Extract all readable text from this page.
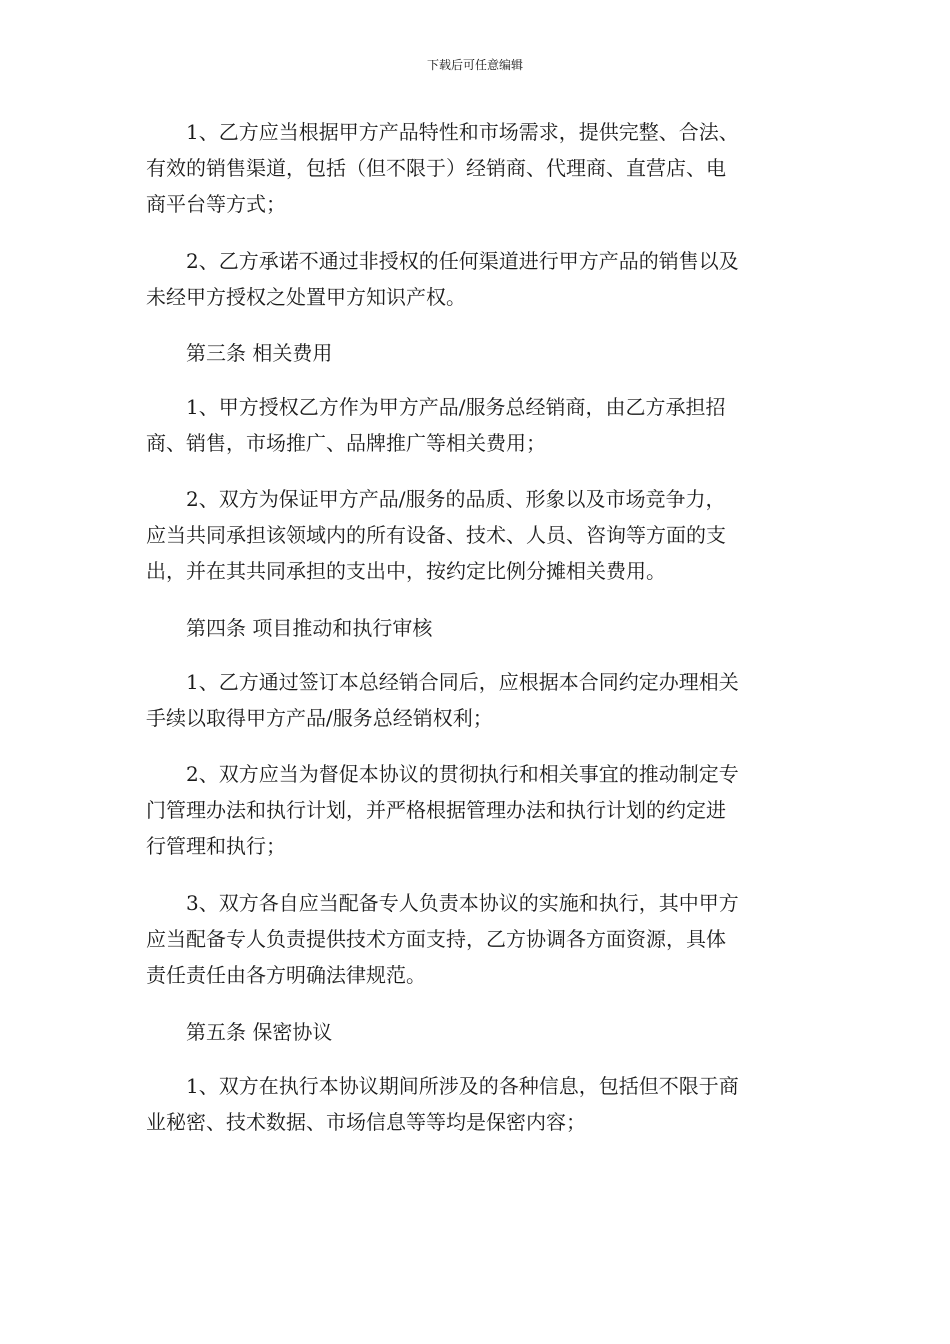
下载后可任意编辑

1、乙方应当根据甲方产品特性和市场需求，提供完整、合法、
有效的销售渠道，包括（但不限于）经销商、代理商、直营店、电
商平台等方式；

2、乙方承诺不通过非授权的任何渠道进行甲方产品的销售以及
未经甲方授权之处置甲方知识产权。

第三条 相关费用

1、甲方授权乙方作为甲方产品/服务总经销商，由乙方承担招
商、销售，市场推广、品牌推广等相关费用；

2、双方为保证甲方产品/服务的品质、形象以及市场竞争力，
应当共同承担该领域内的所有设备、技术、人员、咨询等方面的支
出，并在其共同承担的支出中，按约定比例分摊相关费用。

第四条 项目推动和执行审核

1、乙方通过签订本总经销合同后，应根据本合同约定办理相关
手续以取得甲方产品/服务总经销权利；

2、双方应当为督促本协议的贯彻执行和相关事宜的推动制定专
门管理办法和执行计划，并严格根据管理办法和执行计划的约定进
行管理和执行；

3、双方各自应当配备专人负责本协议的实施和执行，其中甲方
应当配备专人负责提供技术方面支持，乙方协调各方面资源，具体
责任责任由各方明确法律规范。

第五条 保密协议

1、双方在执行本协议期间所涉及的各种信息，包括但不限于商
业秘密、技术数据、市场信息等等均是保密内容；
